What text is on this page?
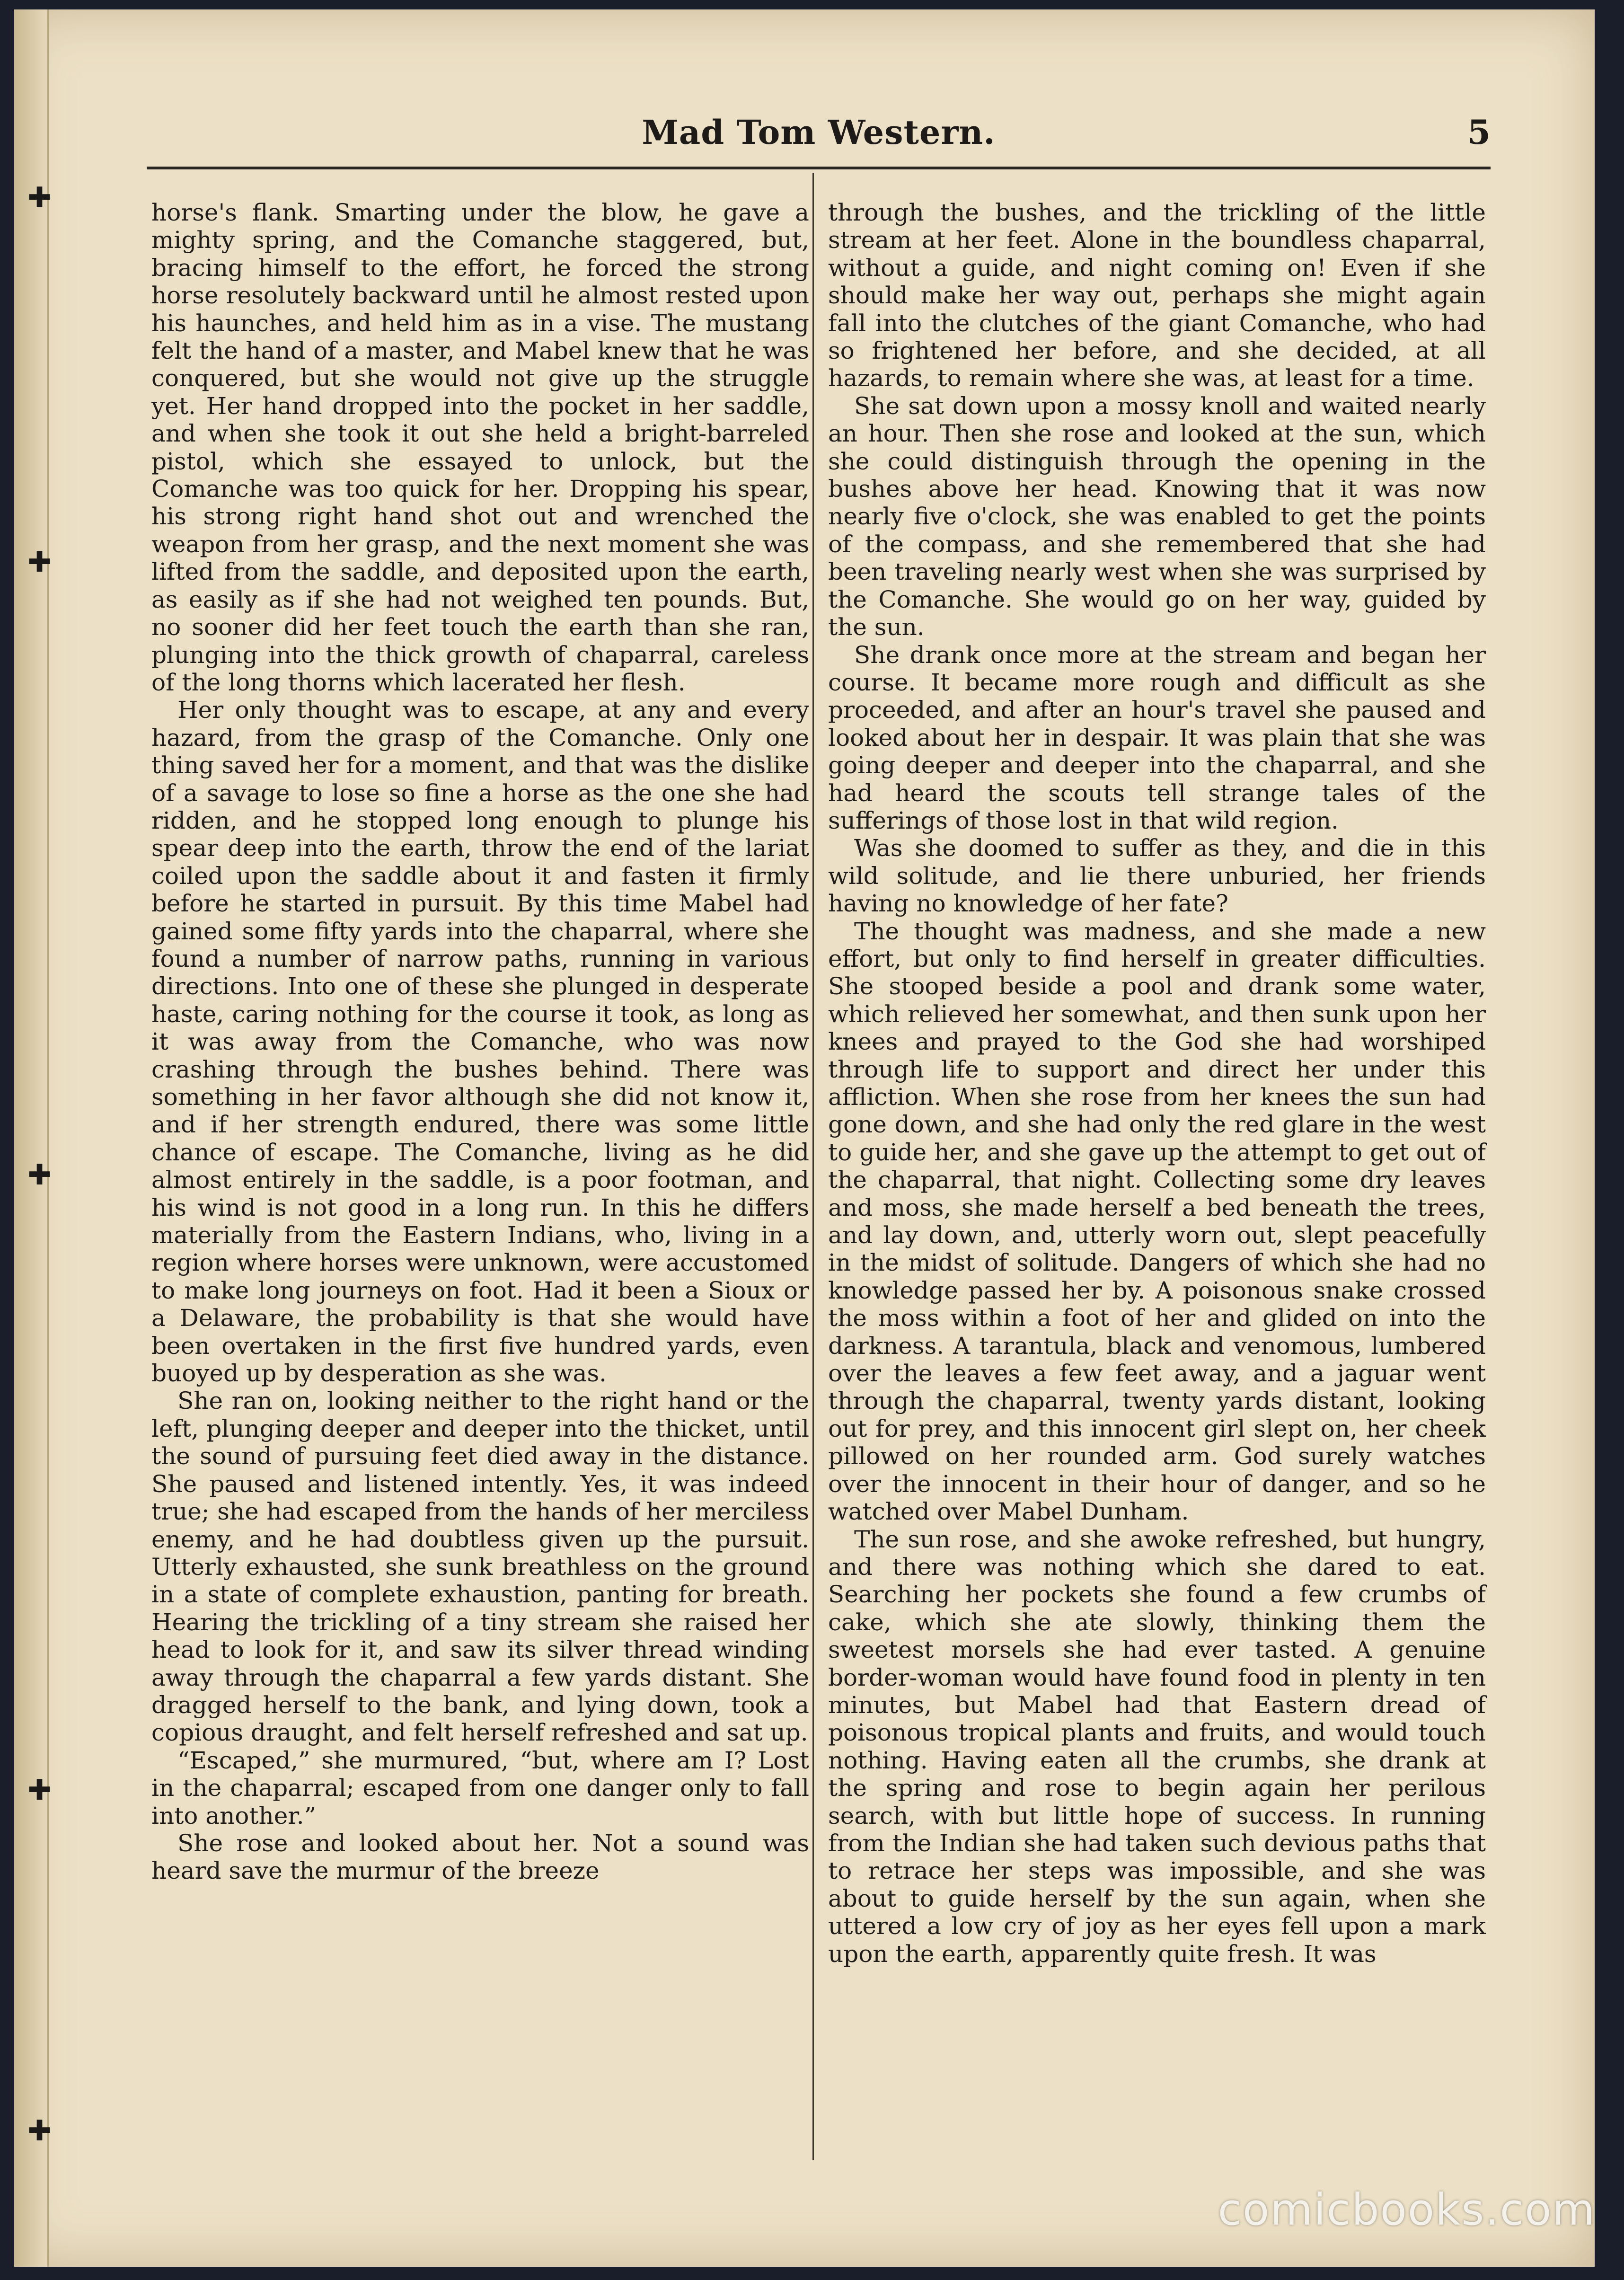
✚
✚
✚
✚
✚
Mad Tom Western.	5

horse's flank. Smarting under the blow, he gave a mighty spring, and the Comanche staggered, but, bracing himself to the effort, he forced the strong horse resolutely backward until he almost rested upon his haunches, and held him as in a vise. The mustang felt the hand of a master, and Mabel knew that he was conquered, but she would not give up the struggle yet. Her hand dropped into the pocket in her saddle, and when she took it out she held a bright-barreled pistol, which she essayed to unlock, but the Comanche was too quick for her. Dropping his spear, his strong right hand shot out and wrenched the weapon from her grasp, and the next moment she was lifted from the saddle, and deposited upon the earth, as easily as if she had not weighed ten pounds. But, no sooner did her feet touch the earth than she ran, plunging into the thick growth of chaparral, careless of the long thorns which lacerated her flesh.

Her only thought was to escape, at any and every hazard, from the grasp of the Comanche. Only one thing saved her for a moment, and that was the dislike of a savage to lose so fine a horse as the one she had ridden, and he stopped long enough to plunge his spear deep into the earth, throw the end of the lariat coiled upon the saddle about it and fasten it firmly before he started in pursuit. By this time Mabel had gained some fifty yards into the chaparral, where she found a number of narrow paths, running in various directions. Into one of these she plunged in desperate haste, caring nothing for the course it took, as long as it was away from the Comanche, who was now crashing through the bushes behind. There was something in her favor although she did not know it, and if her strength endured, there was some little chance of escape. The Comanche, living as he did almost entirely in the saddle, is a poor footman, and his wind is not good in a long run. In this he differs materially from the Eastern Indians, who, living in a region where horses were unknown, were accustomed to make long journeys on foot. Had it been a Sioux or a Delaware, the probability is that she would have been overtaken in the first five hundred yards, even buoyed up by desperation as she was.

She ran on, looking neither to the right hand or the left, plunging deeper and deeper into the thicket, until the sound of pursuing feet died away in the distance. She paused and listened intently. Yes, it was indeed true; she had escaped from the hands of her merciless enemy, and he had doubtless given up the pursuit. Utterly exhausted, she sunk breathless on the ground in a state of complete exhaustion, panting for breath. Hearing the trickling of a tiny stream she raised her head to look for it, and saw its silver thread winding away through the chaparral a few yards distant. She dragged herself to the bank, and lying down, took a copious draught, and felt herself refreshed and sat up.

“Escaped,” she murmured, “but, where am I? Lost in the chaparral; escaped from one danger only to fall into another.”

She rose and looked about her. Not a sound was heard save the murmur of the breeze

through the bushes, and the trickling of the little stream at her feet. Alone in the boundless chaparral, without a guide, and night coming on! Even if she should make her way out, perhaps she might again fall into the clutches of the giant Comanche, who had so frightened her before, and she decided, at all hazards, to remain where she was, at least for a time.

She sat down upon a mossy knoll and waited nearly an hour. Then she rose and looked at the sun, which she could distinguish through the opening in the bushes above her head. Knowing that it was now nearly five o'clock, she was enabled to get the points of the compass, and she remembered that she had been traveling nearly west when she was surprised by the Comanche. She would go on her way, guided by the sun.

She drank once more at the stream and began her course. It became more rough and difficult as she proceeded, and after an hour's travel she paused and looked about her in despair. It was plain that she was going deeper and deeper into the chaparral, and she had heard the scouts tell strange tales of the sufferings of those lost in that wild region.

Was she doomed to suffer as they, and die in this wild solitude, and lie there unburied, her friends having no knowledge of her fate?

The thought was madness, and she made a new effort, but only to find herself in greater difficulties. She stooped beside a pool and drank some water, which relieved her somewhat, and then sunk upon her knees and prayed to the God she had worshiped through life to support and direct her under this affliction. When she rose from her knees the sun had gone down, and she had only the red glare in the west to guide her, and she gave up the attempt to get out of the chaparral, that night. Collecting some dry leaves and moss, she made herself a bed beneath the trees, and lay down, and, utterly worn out, slept peacefully in the midst of solitude. Dangers of which she had no knowledge passed her by. A poisonous snake crossed the moss within a foot of her and glided on into the darkness. A tarantula, black and venomous, lumbered over the leaves a few feet away, and a jaguar went through the chaparral, twenty yards distant, looking out for prey, and this innocent girl slept on, her cheek pillowed on her rounded arm. God surely watches over the innocent in their hour of danger, and so he watched over Mabel Dunham.

The sun rose, and she awoke refreshed, but hungry, and there was nothing which she dared to eat. Searching her pockets she found a few crumbs of cake, which she ate slowly, thinking them the sweetest morsels she had ever tasted. A genuine border-woman would have found food in plenty in ten minutes, but Mabel had that Eastern dread of poisonous tropical plants and fruits, and would touch nothing. Having eaten all the crumbs, she drank at the spring and rose to begin again her perilous search, with but little hope of success. In running from the Indian she had taken such devious paths that to retrace her steps was impossible, and she was about to guide herself by the sun again, when she uttered a low cry of joy as her eyes fell upon a mark upon the earth, apparently quite fresh. It was

comicbooks.com
